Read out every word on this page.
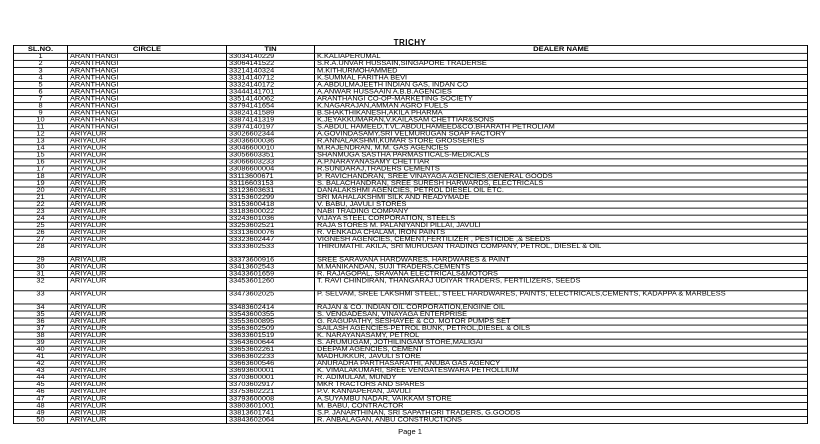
TRICHY
SL.NO.	CIRCLE	TIN	DEALER NAME
1	ARANTHANGI	33034140229	K.KALIAPERUMAL
2	ARANTHANGI	33064141522	S.R.A.UNVAR HUSSAIN,SINGAPORE TRADERSE
3	ARANTHANGI	33214140324	M.KITHURMOHAMMED
4	ARANTHANGI	33314140712	K.SUMMAL FARITHA BEVI
5	ARANTHANGI	33324140172	A.ABDULMAJEETH INDIAN GAS, INDAN CO
6	ARANTHANGI	33444141701	A.ANWAR HUSSAAIN A.B.B.AGENCIES
7	ARANTHANGI	33514140062	ARANTHANGI CO-OP-MARKETING SOCIETY
8	ARANTHANGI	33794141654	K.NAGARAJAN,AMMAN AGRO FUELS
9	ARANTHANGI	33824141589	B.SHAKTHIKANESH,AKILA PHARMA
10	ARANTHANGI	33874141319	K.JEYAKKUMARAN,V.KAILASAM CHETTIAR&SONS
11	ARANTHANGI	33974140197	S.ABDUL HAMEED,T.VL.ABDULHAMEED&CO.BHARATH PETROLIAM
12	ARIYALUR	33026602344	A.GOVINDASAMY,SRI VELMURUGAN SOAP FACTORY
13	ARIYALUR	33036600036	R.ANNALAKSHMI,KUMAR STORE GROSSERIES
14	ARIYALUR	33046600010	M.RAJENDRAN, M.M. GAS AGENCIES
15	ARIYALUR	33056603351	SHANMUGA SASTHA PARMASTICALS-MEDICALS
16	ARIYALUR	33066603233	A.P.NARAYANASAMY CHETTIAR
17	ARIYALUR	33086600004	R.SUNDARAJ,TRADERS CEMENTS
18	ARIYALUR	33113600671	P. RAVICHANDRAN, SREE VINAYAGA AGENCIES,GENERAL GOODS
19	ARIYALUR	33116603153	S. BALACHANDRAN, SREE SURESH HARWARDS, ELECTRICALS
20	ARIYALUR	33123603631	DANALAKSHMI AGENCIES, PETROL DIESEL OIL ETC.
21	ARIYALUR	33153602299	SRI MAHALAKSHMI SILK AND READYMADE
22	ARIYALUR	33153600418	V. BABU, JAVULI STORES
23	ARIYALUR	33183600022	NABI TRADING COMPANY
24	ARIYALUR	33243601036	VIJAYA STEEL CORPORATION, STEELS
25	ARIYALUR	33253602521	RAJA STORES M. PALANIYANDI PILLAI, JAVULI
26	ARIYALUR	33313600076	R. VENKADA CHALAM, IRON PAINTS
27	ARIYALUR	33323602447	VIGNESH AGENCIES, CEMENT,FERTILIZER , PESTICIDE ,& SEEDS
28	ARIYALUR	33333602533	THIRUMATHI. AKILA, SRI MURUGAN TRADING COMPANY, PETROL, DIESEL & OIL
29	ARIYALUR	33373600916	SREE SARAVANA HARDWARES, HARDWARES & PAINT
30	ARIYALUR	33413602543	M.MANIKANDAN, SUJI TRADERS,CEMENTS
31	ARIYALUR	33433601659	R. RAJAGOPAL, SRAVANA ELECTRICALS&MOTORS
32	ARIYALUR	33453601260	T. RAVI CHINDIRAN, THANGARAJ UDIYAR TRADERS, FERTILIZERS, SEEDS
33	ARIYALUR	33473602025	P. SELVAM, SREE LAKSHMI STEEL, STEEL HARDWARES, PAINTS, ELECTRICALS,CEMENTS, KADAPPA & MARBLESS
34	ARIYALUR	33483602414	RAJAN & CO. INDIAN OIL CORPORATION,ENGINE OIL
35	ARIYALUR	33543600355	S. VENGADESAN, VINAYAGA ENTERPRISE
36	ARIYALUR	33553600895	G. RAGUPATHY, SESHAYEE & CO. MOTOR PUMPS SET
37	ARIYALUR	33563602509	SAILASH AGENCIES-PETROL BUNK, PETROL,DIESEL & OILS
38	ARIYALUR	33633601519	K. NARAYANASAMY, PETROL
39	ARIYALUR	33643600644	S. ARUMUGAM, JOTHILINGAM STORE,MALIGAI
40	ARIYALUR	33653602261	DEEPAM AGENCIES, CEMENT
41	ARIYALUR	33663602233	MADHUKKUR, JAVULI STORE
42	ARIYALUR	33663600546	ANURADHA PARTHASARATHI, ANUBA GAS AGENCY
43	ARIYALUR	33693600001	K. VIMALAKUMARI, SREE VENGATESWARA PETROLLIUM
44	ARIYALUR	33703600001	R. ADIMULAM, MUNDY
45	ARIYALUR	33703602917	MKR TRACTORS AND SPARES
46	ARIYALUR	33753602221	P.V. KANNAPERAN, JAVULI
47	ARIYALUR	33793600008	A.SUYAMBU NADAR, VAIKKAM STORE
48	ARIYALUR	33803601001	M. BABU, CONTRACTOR
49	ARIYALUR	33813601741	S.P. JANARTHINAN, SRI SAPATHGRI TRADERS, G.GOODS
50	ARIYALUR	33843602064	R. ANBALAGAN, ANBU CONSTRUCTIONS
Page 1
